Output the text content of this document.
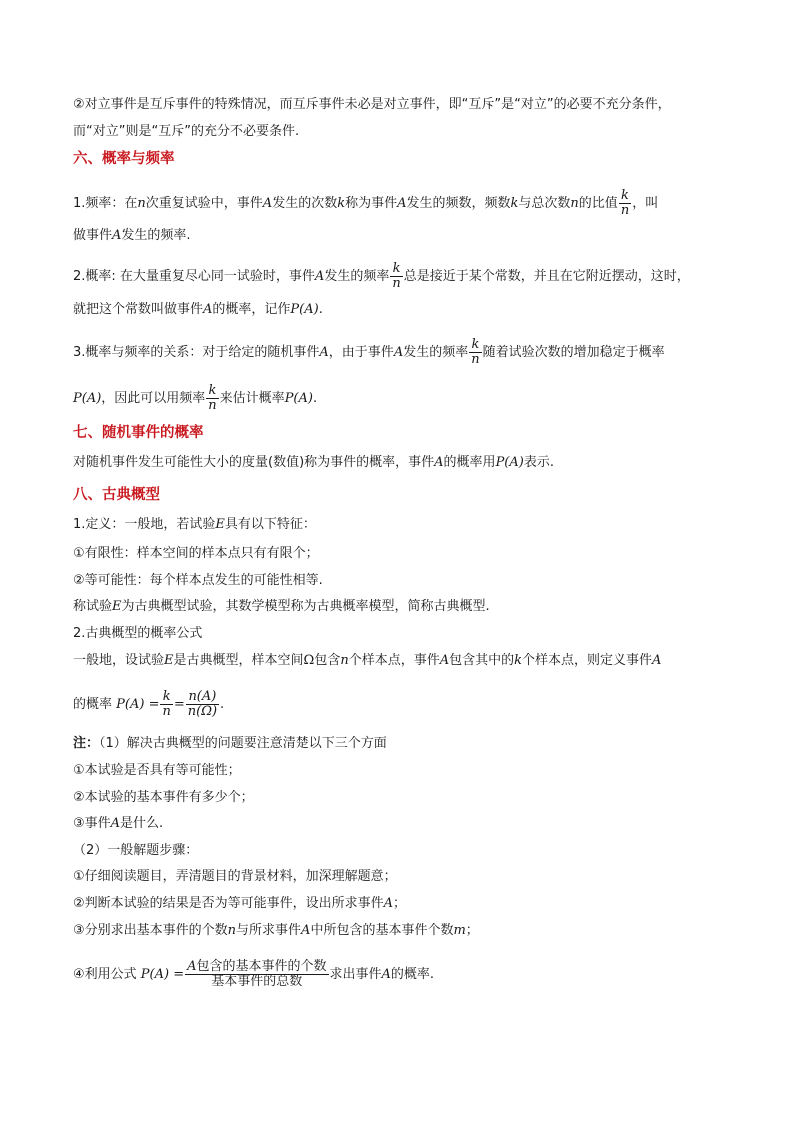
②对立事件是互斥事件的特殊情况，而互斥事件未必是对立事件，即“互斥”是“对立”的必要不充分条件，
而“对立”则是“互斥”的充分不必要条件.
六、概率与频率
1.频率：在n次重复试验中，事件A发生的次数k称为事件A发生的频数，频数k与总次数n的比值 $\frac{k}{n}$ ，叫
做事件A发生的频率.
2.概率: 在大量重复尽心同一试验时，事件A发生的频率 $\frac{k}{n}$ 总是接近于某个常数，并且在它附近摆动，这时，
就把这个常数叫做事件A的概率，记作P(A).
3.概率与频率的关系：对于给定的随机事件A，由于事件A发生的频率 $\frac{k}{n}$ 随着试验次数的增加稳定于概率
P(A)，因此可以用频率 $\frac{k}{n}$ 来估计概率P(A).
七、随机事件的概率
对随机事件发生可能性大小的度量(数值)称为事件的概率，事件A的概率用P(A)表示.
八、古典概型
1.定义：一般地，若试验E具有以下特征：
①有限性：样本空间的样本点只有有限个；
②等可能性：每个样本点发生的可能性相等.
称试验E为古典概型试验，其数学模型称为古典概率模型，简称古典概型.
2.古典概型的概率公式
一般地，设试验E是古典概型，样本空间Ω包含n个样本点，事件A包含其中的k个样本点，则定义事件A
的概率 $P(A) = \frac{k}{n} = \frac{n(A)}{n(\Omega)}$ .
注：（1）解决古典概型的问题要注意清楚以下三个方面
①本试验是否具有等可能性；
②本试验的基本事件有多少个；
③事件A是什么.
（2）一般解题步骤：
①仔细阅读题目，弄清题目的背景材料，加深理解题意；
②判断本试验的结果是否为等可能事件，设出所求事件A；
③分别求出基本事件的个数n与所求事件A中所包含的基本事件个数m；
④利用公式 $P(A) = \frac{\text{A包含的基本事件的个数}}{\text{基本事件的总数}}$ 求出事件A的概率.
